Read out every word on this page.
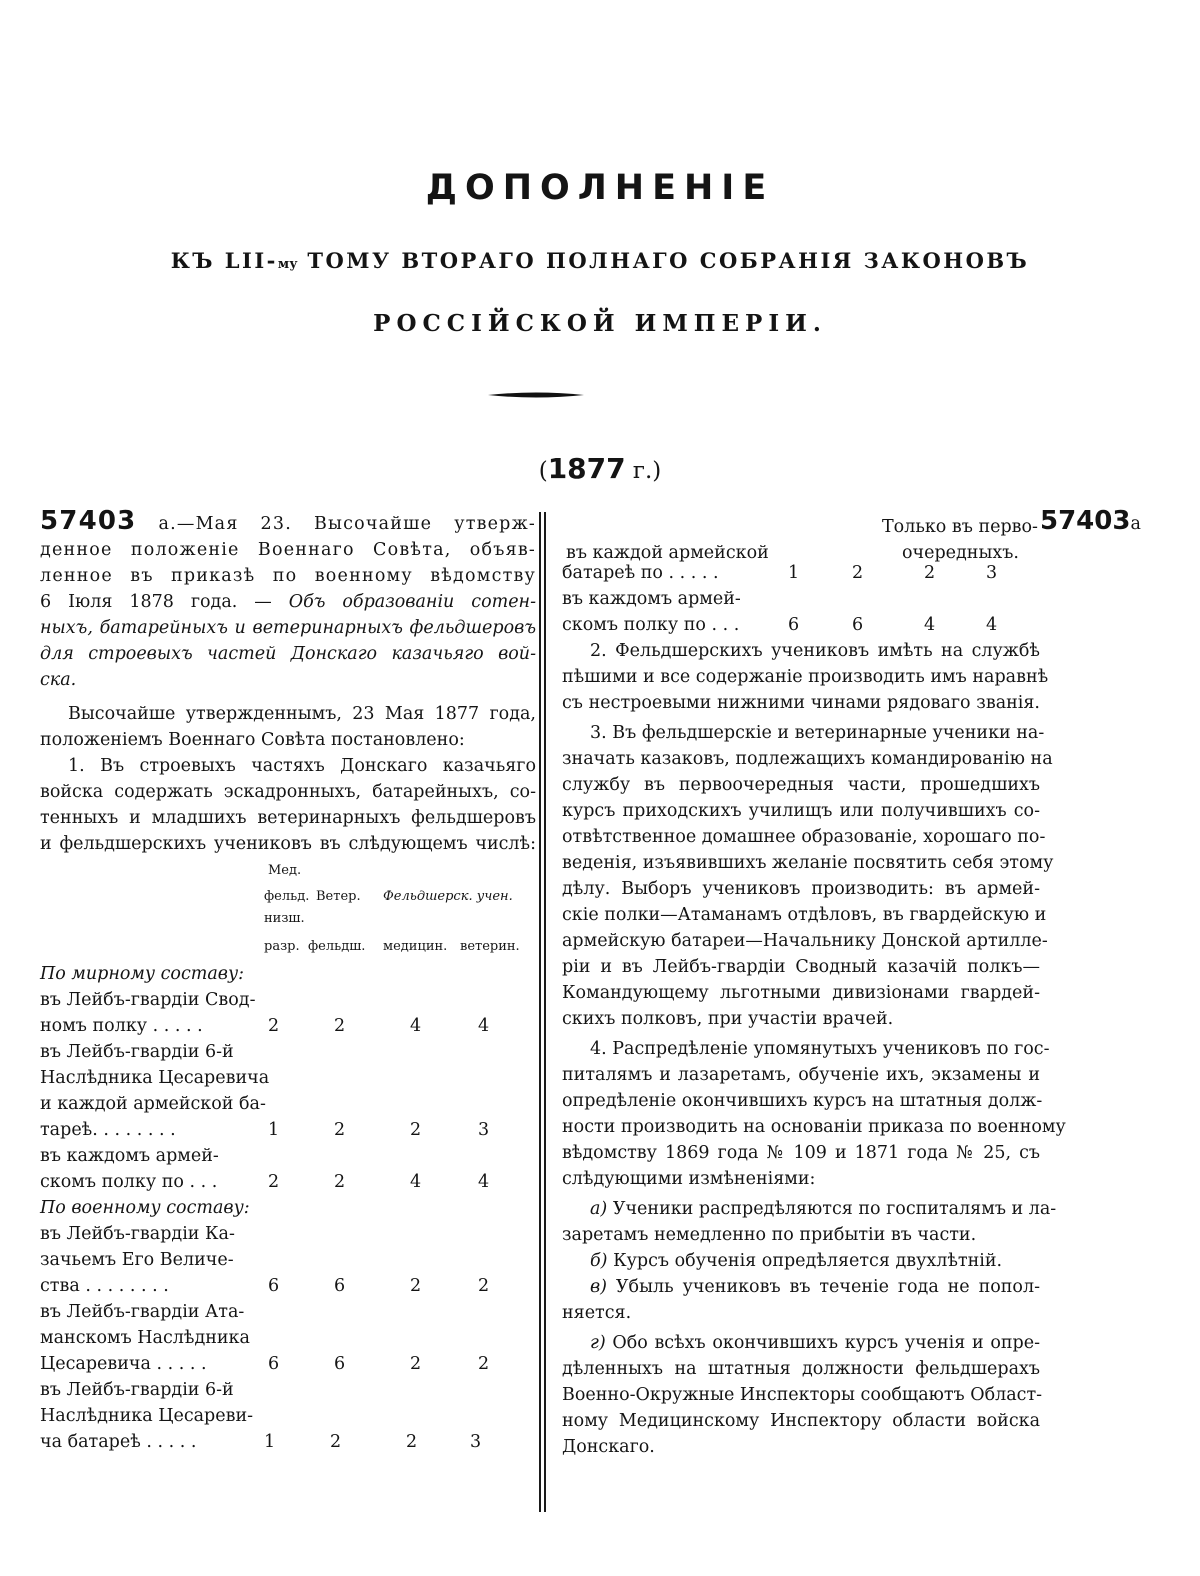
ДОПОЛНЕНІЕ
КЪ LII-му ТОМУ ВТОРАГО ПОЛНАГО СОБРАНІЯ ЗАКОНОВЪ
РОССІЙСКОЙ ИМПЕРІИ.
(1877 г.)
57403 а.—Мая 23. Высочайше утверж-
денное положеніе Военнаго Совѣта, объяв-
ленное въ приказѣ по военному вѣдомству
6 Іюля 1878 года. — Объ образованіи сотен-
ныхъ, батарейныхъ и ветеринарныхъ фельдшеровъ
для строевыхъ частей Донскаго казачьяго вой-
ска.
Высочайше утвержденнымъ, 23 Мая 1877 года,
положеніемъ Военнаго Совѣта постановлено:
1. Въ строевыхъ частяхъ Донскаго казачьяго
войска содержать эскадронныхъ, батарейныхъ, со-
тенныхъ и младшихъ ветеринарныхъ фельдшеровъ
и фельдшерскихъ учениковъ въ слѣдующемъ числѣ:
Мед.
фельд. Ветер. Фельдшерск. учен.
низш.
разр. фельдш. медицин. ветерин.
По мирному составу:
въ Лейбъ-гвардіи Свод-
номъ полку . . . . .	2	2	4	4
въ Лейбъ-гвардіи 6-й
Наслѣдника Цесаревича
и каждой армейской ба-
тареѣ. . . . . . . .	1	2	2	3
въ каждомъ армей-
скомъ полку по . . .	2	2	4	4
По военному составу:
въ Лейбъ-гвардіи Ка-
зачьемъ Его Величе-
ства . . . . . . . .	6	6	2	2
въ Лейбъ-гвардіи Ата-
манскомъ Наслѣдника
Цесаревича . . . . .	6	6	2	2
въ Лейбъ-гвардіи 6-й
Наслѣдника Цесареви-
ча батареѣ . . . . .	1	2	2	3
Только въ перво-
очередныхъ.
57403а
въ каждой армейской
батареѣ по . . . . .	1	2	2	3
въ каждомъ армей-
скомъ полку по . . .	6	6	4	4
2. Фельдшерскихъ учениковъ имѣть на службѣ
пѣшими и все содержаніе производить имъ наравнѣ
съ нестроевыми нижними чинами рядоваго званія.
3. Въ фельдшерскіе и ветеринарные ученики на-
значать казаковъ, подлежащихъ командированію на
службу въ первоочередныя части, прошедшихъ
курсъ приходскихъ училищъ или получившихъ со-
отвѣтственное домашнее образованіе, хорошаго по-
веденія, изъявившихъ желаніе посвятить себя этому
дѣлу. Выборъ учениковъ производить: въ армей-
скіе полки—Атаманамъ отдѣловъ, въ гвардейскую и
армейскую батареи—Начальнику Донской артилле-
ріи и въ Лейбъ-гвардіи Сводный казачій полкъ—
Командующему льготными дивизіонами гвардей-
скихъ полковъ, при участіи врачей.
4. Распредѣленіе упомянутыхъ учениковъ по гос-
питалямъ и лазаретамъ, обученіе ихъ, экзамены и
опредѣленіе окончившихъ курсъ на штатныя долж-
ности производить на основаніи приказа по военному
вѣдомству 1869 года № 109 и 1871 года № 25, съ
слѣдующими измѣненіями:
а) Ученики распредѣляются по госпиталямъ и ла-
заретамъ немедленно по прибытіи въ части.
б) Курсъ обученія опредѣляется двухлѣтній.
в) Убыль учениковъ въ теченіе года не попол-
няется.
г) Обо всѣхъ окончившихъ курсъ ученія и опре-
дѣленныхъ на штатныя должности фельдшерахъ
Военно-Окружные Инспекторы сообщаютъ Област-
ному Медицинскому Инспектору области войска
Донскаго.
